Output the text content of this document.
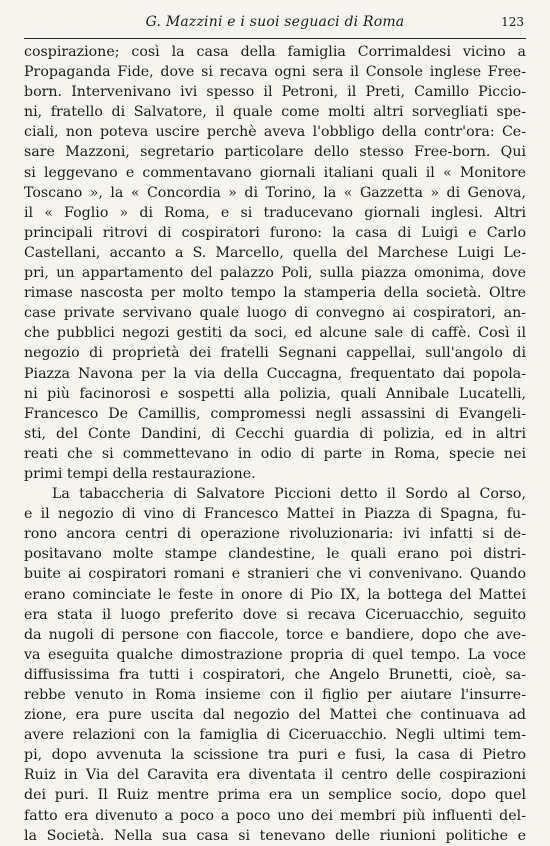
G. Mazzini e i suoi seguaci di Roma	123
cospirazione; così la casa della famiglia Corrimaldesi vicino a
Propaganda Fide, dove si recava ogni sera il Console inglese Free-
born. Intervenivano ivi spesso il Petroni, il Preti, Camillo Piccio-
ni, fratello di Salvatore, il quale come molti altri sorvegliati spe-
ciali, non poteva uscire perchè aveva l'obbligo della contr'ora: Ce-
sare Mazzoni, segretario particolare dello stesso Free-born. Qui
si leggevano e commentavano giornali italiani quali il « Monitore
Toscano », la « Concordia » di Torino, la « Gazzetta » di Genova,
il « Foglio » di Roma, e si traducevano giornali inglesi. Altri
principali ritrovi di cospiratori furono: la casa di Luigi e Carlo
Castellani, accanto a S. Marcello, quella del Marchese Luigi Le-
pri, un appartamento del palazzo Poli, sulla piazza omonima, dove
rimase nascosta per molto tempo la stamperia della società. Oltre
case private servivano quale luogo di convegno ai cospiratori, an-
che pubblici negozi gestiti da soci, ed alcune sale di caffè. Così il
negozio di proprietà dei fratelli Segnani cappellai, sull'angolo di
Piazza Navona per la via della Cuccagna, frequentato dai popola-
ni più facinorosi e sospetti alla polizia, quali Annibale Lucatelli,
Francesco De Camillis, compromessi negli assassini di Evangeli-
sti, del Conte Dandini, di Cecchi guardia di polizia, ed in altri
reati che si commettevano in odio di parte in Roma, specie nei
primi tempi della restaurazione.
La tabaccheria di Salvatore Piccioni detto il Sordo al Corso,
e il negozio di vino di Francesco Mattei in Piazza di Spagna, fu-
rono ancora centri di operazione rivoluzionaria: ivi infatti si de-
positavano molte stampe clandestine, le quali erano poi distri-
buite ai cospiratori romani e stranieri che vi convenivano. Quando
erano cominciate le feste in onore di Pio IX, la bottega del Mattei
era stata il luogo preferito dove si recava Ciceruacchio, seguito
da nugoli di persone con fiaccole, torce e bandiere, dopo che ave-
va eseguita qualche dimostrazione propria di quel tempo. La voce
diffusissima fra tutti i cospiratori, che Angelo Brunetti, cioè, sa-
rebbe venuto in Roma insieme con il figlio per aiutare l'insurre-
zione, era pure uscita dal negozio del Mattei che continuava ad
avere relazioni con la famiglia di Ciceruacchio. Negli ultimi tem-
pi, dopo avvenuta la scissione tra puri e fusi, la casa di Pietro
Ruiz in Via del Caravita era diventata il centro delle cospirazioni
dei puri. Il Ruiz mentre prima era un semplice socio, dopo quel
fatto era divenuto a poco a poco uno dei membri più influenti del-
la Società. Nella sua casa si tenevano delle riunioni politiche e
